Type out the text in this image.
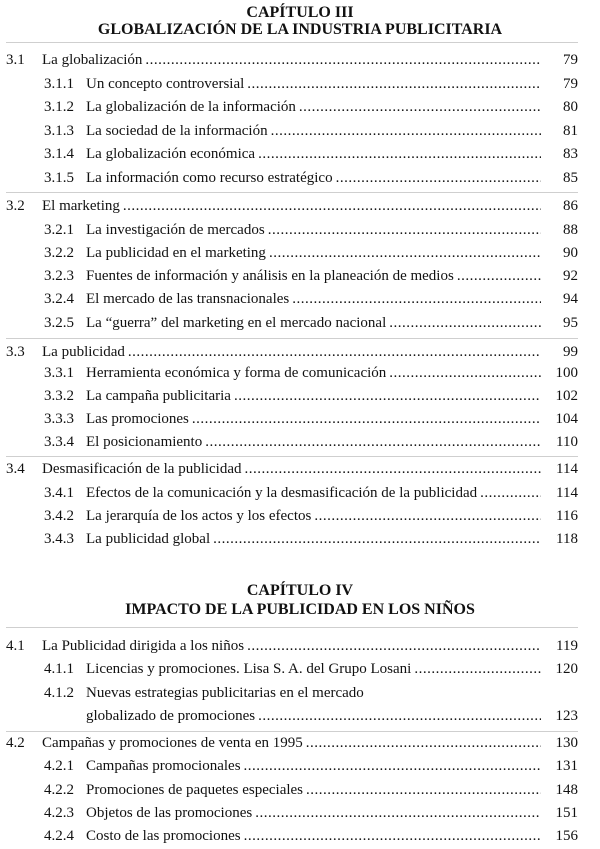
CAPÍTULO III
GLOBALIZACIÓN DE LA INDUSTRIA PUBLICITARIA
3.1	La globalización .....	79
3.1.1 Un concepto controversial .....	79
3.1.2 La globalización de la información .....	80
3.1.3 La sociedad de la información .....	81
3.1.4 La globalización económica .....	83
3.1.5 La información como recurso estratégico .....	85
3.2	El marketing .....	86
3.2.1 La investigación de mercados .....	88
3.2.2 La publicidad en el marketing .....	90
3.2.3 Fuentes de información y análisis en la planeación de medios .....	92
3.2.4 El mercado de las transnacionales .....	94
3.2.5 La “guerra” del marketing en el mercado nacional .....	95
3.3	La publicidad .....	99
3.3.1 Herramienta económica y forma de comunicación .....	100
3.3.2 La campaña publicitaria .....	102
3.3.3 Las promociones .....	104
3.3.4 El posicionamiento .....	110
3.4	Desmasificación de la publicidad .....	114
3.4.1 Efectos de la comunicación y la desmasificación de la publicidad .....	114
3.4.2 La jerarquía de los actos y los efectos .....	116
3.4.3 La publicidad global .....	118
CAPÍTULO IV
IMPACTO DE LA PUBLICIDAD EN LOS NIÑOS
4.1	La Publicidad dirigida a los niños .....	119
4.1.1 Licencias y promociones. Lisa S. A. del Grupo Losani .....	120
4.1.2 Nuevas estrategias publicitarias en el mercado
globalizado de promociones .....	123
4.2	Campañas y promociones de venta en 1995 .....	130
4.2.1 Campañas promocionales .....	131
4.2.2 Promociones de paquetes especiales .....	148
4.2.3 Objetos de las promociones .....	151
4.2.4 Costo de las promociones .....	156
